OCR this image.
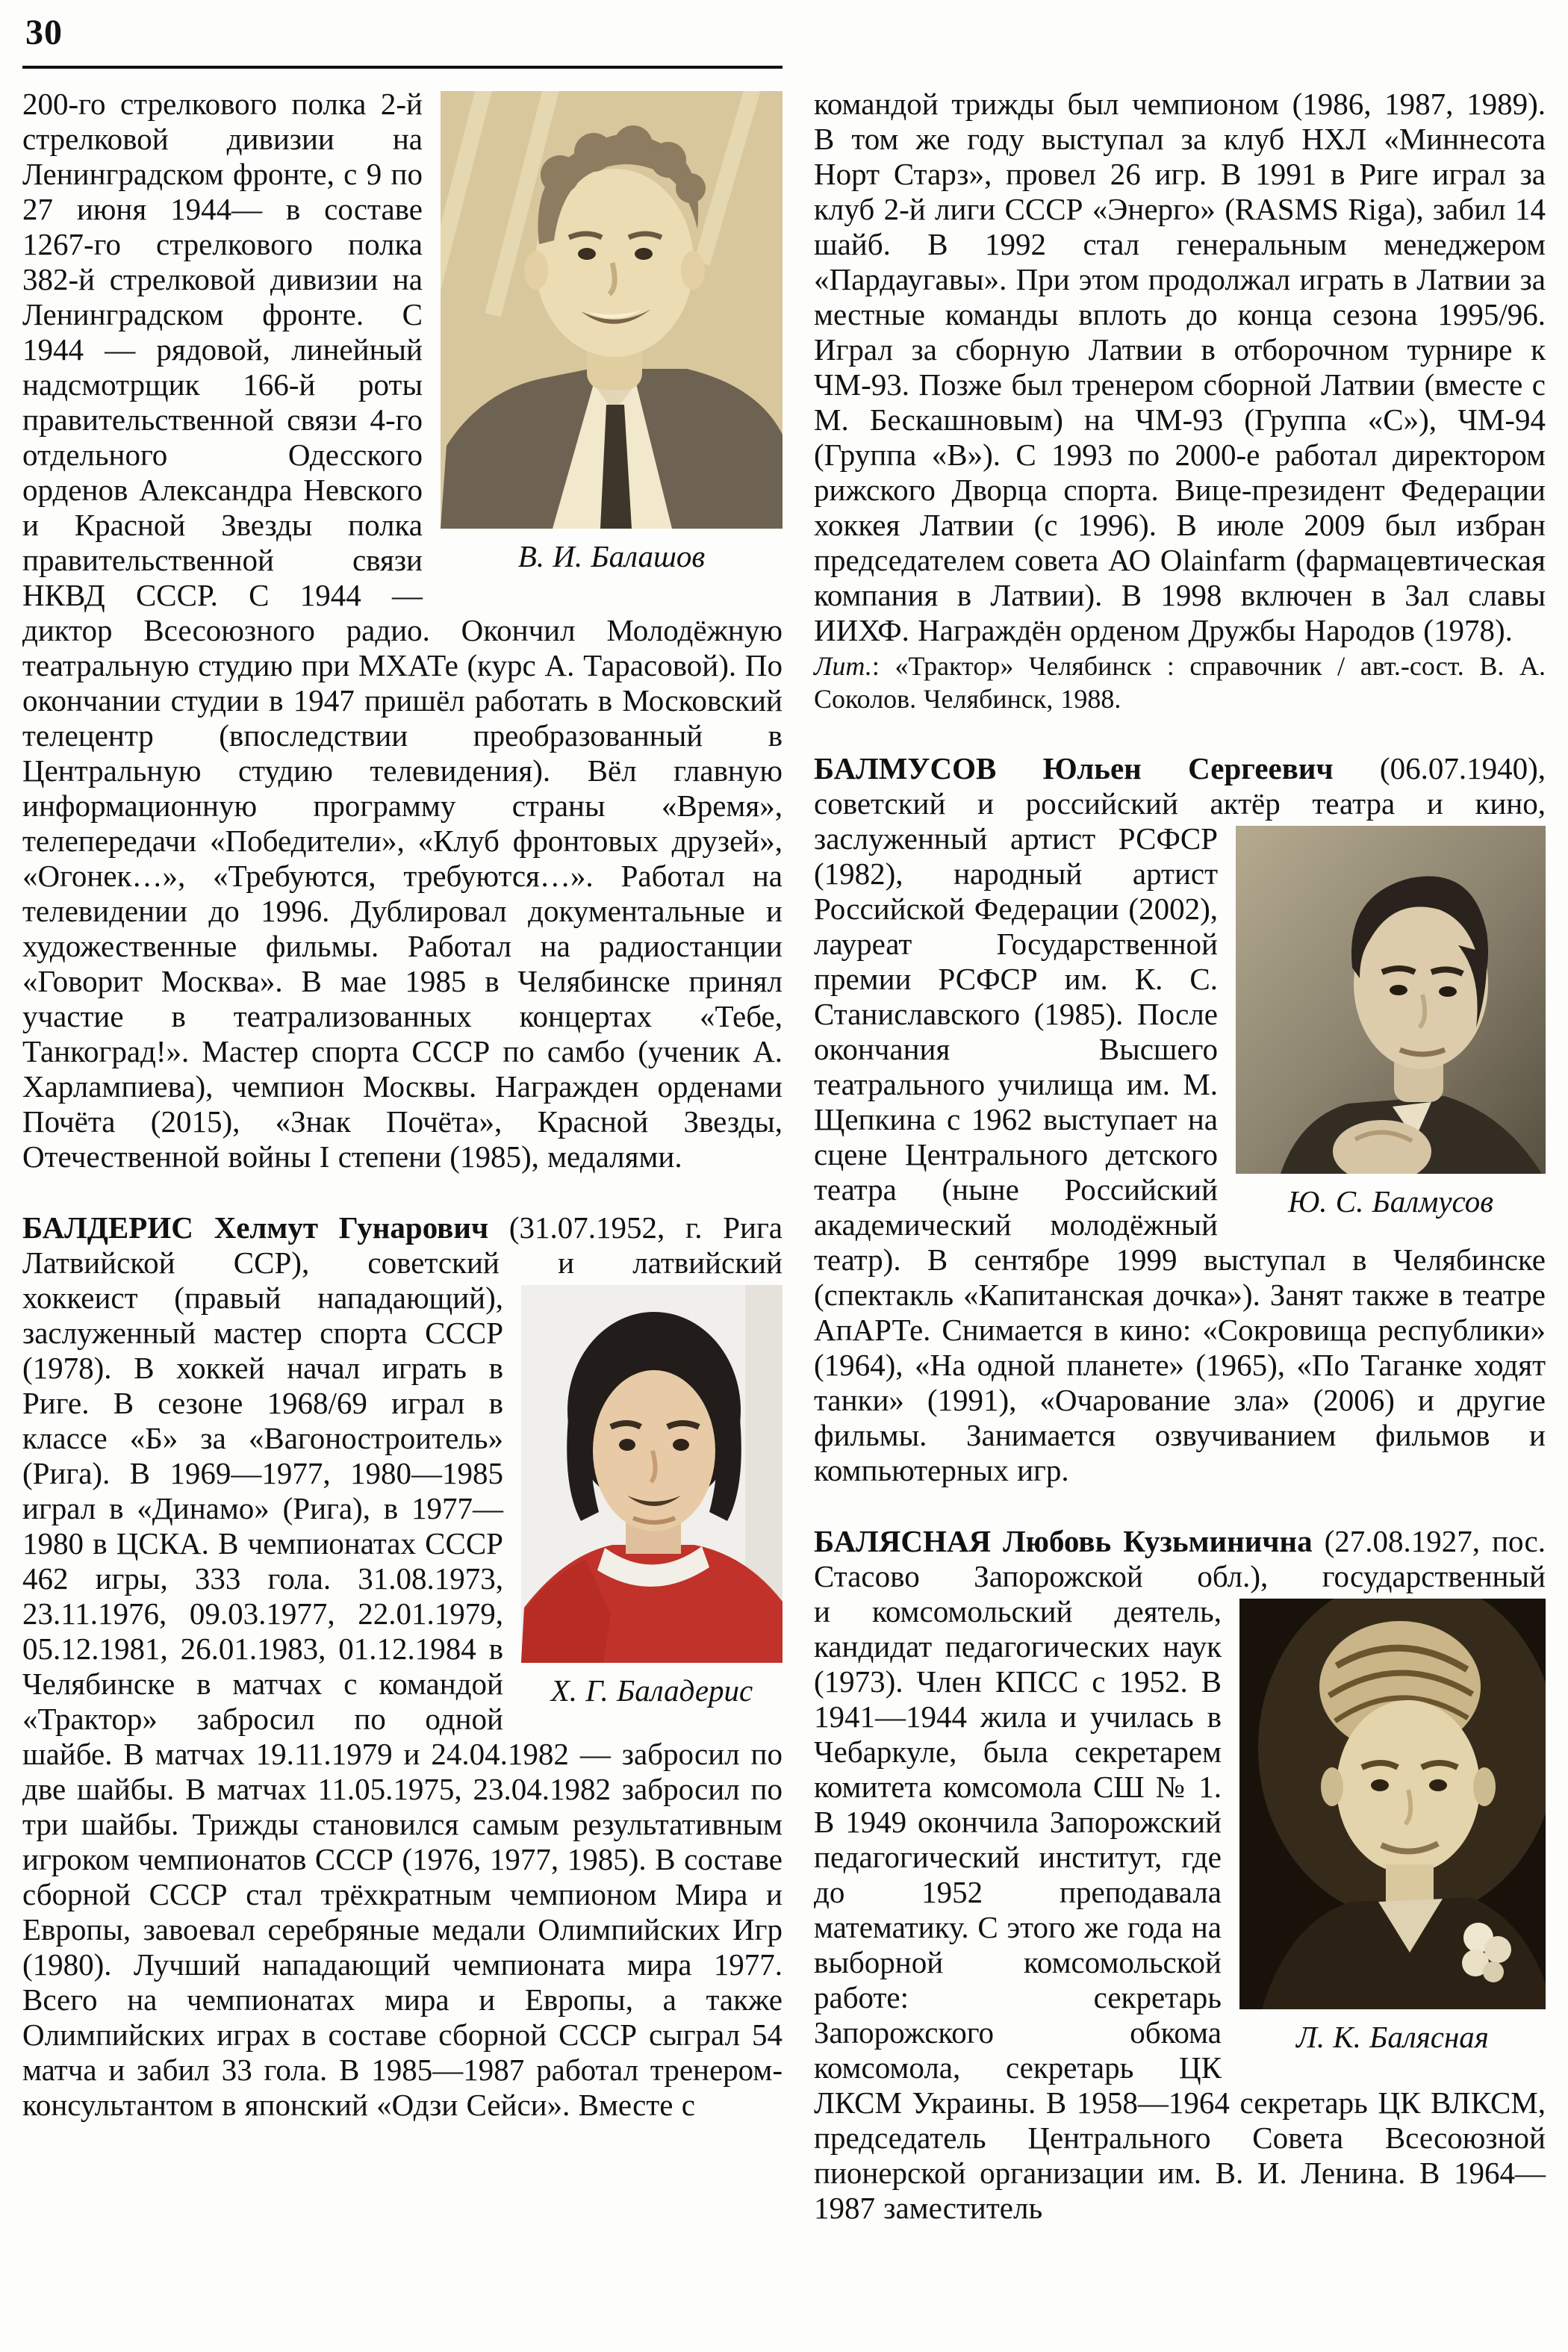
30
В. И. Балашов

200-го стрелкового полка 2-й стрелковой дивизии на Ленинградском фронте, с 9 по 27 июня 1944— в составе 1267-го стрелкового полка 382-й стрелковой дивизии на Ленинградском фронте. С 1944 — рядовой, линейный надсмотрщик 166-й роты правительственной связи 4-го отдельного Одесского орденов Александра Невского и Красной Звезды полка правительственной связи НКВД СССР. С 1944 — диктор Всесоюзного радио. Окончил Молодёжную театральную студию при МХАТе (курс А. Тарасовой). По окончании студии в 1947 пришёл работать в Московский телецентр (впоследствии преобразованный в Центральную студию телевидения). Вёл главную информационную программу страны «Время», телепередачи «Победители», «Клуб фронтовых друзей», «Огонек…», «Требуются, требуются…». Работал на телевидении до 1996. Дублировал документальные и художественные фильмы. Работал на радиостанции «Говорит Москва». В мае 1985 в Челябинске принял участие в театрализованных концертах «Тебе, Танкоград!». Мастер спорта СССР по самбо (ученик А. Харлампиева), чемпион Москвы. Награжден орденами Почёта (2015), «Знак Почёта», Красной Звезды, Отечественной войны I степени (1985), медалями.

БАЛДЕРИС Хелмут Гунарович (31.07.1952, г. Рига Латвийской ССР), советский и латвийский

Х. Г. Баладерис

хоккеист (правый нападающий), заслуженный мастер спорта СССР (1978). В хоккей начал играть в Риге. В сезоне 1968/69 играл в классе «Б» за «Вагоностроитель» (Рига). В 1969—1977, 1980—1985 играл в «Динамо» (Рига), в 1977—1980 в ЦСКА. В чемпионатах СССР 462 игры, 333 гола. 31.08.1973, 23.11.1976, 09.03.1977, 22.01.1979, 05.12.1981, 26.01.1983, 01.12.1984 в Челябинске в матчах с командой «Трактор» забросил по одной шайбе. В матчах 19.11.1979 и 24.04.1982 — забросил по две шайбы. В матчах 11.05.1975, 23.04.1982 забросил по три шайбы. Трижды становился самым результативным игроком чемпионатов СССР (1976, 1977, 1985). В составе сборной СССР стал трёхкратным чемпионом Мира и Европы, завоевал серебряные медали Олимпийских Игр (1980). Лучший нападающий чемпионата мира 1977. Всего на чемпионатах мира и Европы, а также Олимпийских играх в составе сборной СССР сыграл 54 матча и забил 33 гола. В 1985—1987 работал тренером-консультантом в японский «Одзи Сейси». Вместе с

командой трижды был чемпионом (1986, 1987, 1989). В том же году выступал за клуб НХЛ «Миннесота Норт Старз», провел 26 игр. В 1991 в Риге играл за клуб 2-й лиги СССР «Энерго» (RASMS Riga), забил 14 шайб. В 1992 стал генеральным менеджером «Пардаугавы». При этом продолжал играть в Латвии за местные команды вплоть до конца сезона 1995/96. Играл за сборную Латвии в отборочном турнире к ЧМ-93. Позже был тренером сборной Латвии (вместе с М. Бескашновым) на ЧМ-93 (Группа «С»), ЧМ-94 (Группа «В»). С 1993 по 2000-е работал директором рижского Дворца спорта. Вице-президент Федерации хоккея Латвии (с 1996). В июле 2009 был избран председателем совета АО Olainfarm (фармацевтическая компания в Латвии). В 1998 включен в Зал славы ИИХФ. Награждён орденом Дружбы Народов (1978).

Лит.: «Трактор» Челябинск : справочник / авт.-сост. В. А. Соколов. Челябинск, 1988.

БАЛМУСОВ Юльен Сергеевич (06.07.1940), советский и российский актёр театра и кино,

Ю. С. Балмусов

заслуженный артист РСФСР (1982), народный артист Российской Федерации (2002), лауреат Государственной премии РСФСР им. К. С. Станиславского (1985). После окончания Высшего театрального училища им. М. Щепкина с 1962 выступает на сцене Центрального детского театра (ныне Российский академический молодёжный театр). В сентябре 1999 выступал в Челябинске (спектакль «Капитанская дочка»). Занят также в театре АпАРТе. Снимается в кино: «Сокровища республики» (1964), «На одной планете» (1965), «По Таганке ходят танки» (1991), «Очарование зла» (2006) и другие фильмы. Занимается озвучиванием фильмов и компьютерных игр.

БАЛЯСНАЯ Любовь Кузьминична (27.08.1927, пос. Стасово Запорожской обл.), государственный

Л. К. Балясная

и комсомольский деятель, кандидат педагогических наук (1973). Член КПСС с 1952. В 1941—1944 жила и училась в Чебаркуле, была секретарем комитета комсомола СШ № 1. В 1949 окончила Запорожский педагогический институт, где до 1952 преподавала математику. С этого же года на выборной комсомольской работе: секретарь Запорожского обкома комсомола, секретарь ЦК ЛКСМ Украины. В 1958—1964 секретарь ЦК ВЛКСМ, председатель Центрального Совета Всесоюзной пионерской организации им. В. И. Ленина. В 1964—1987 заместитель
